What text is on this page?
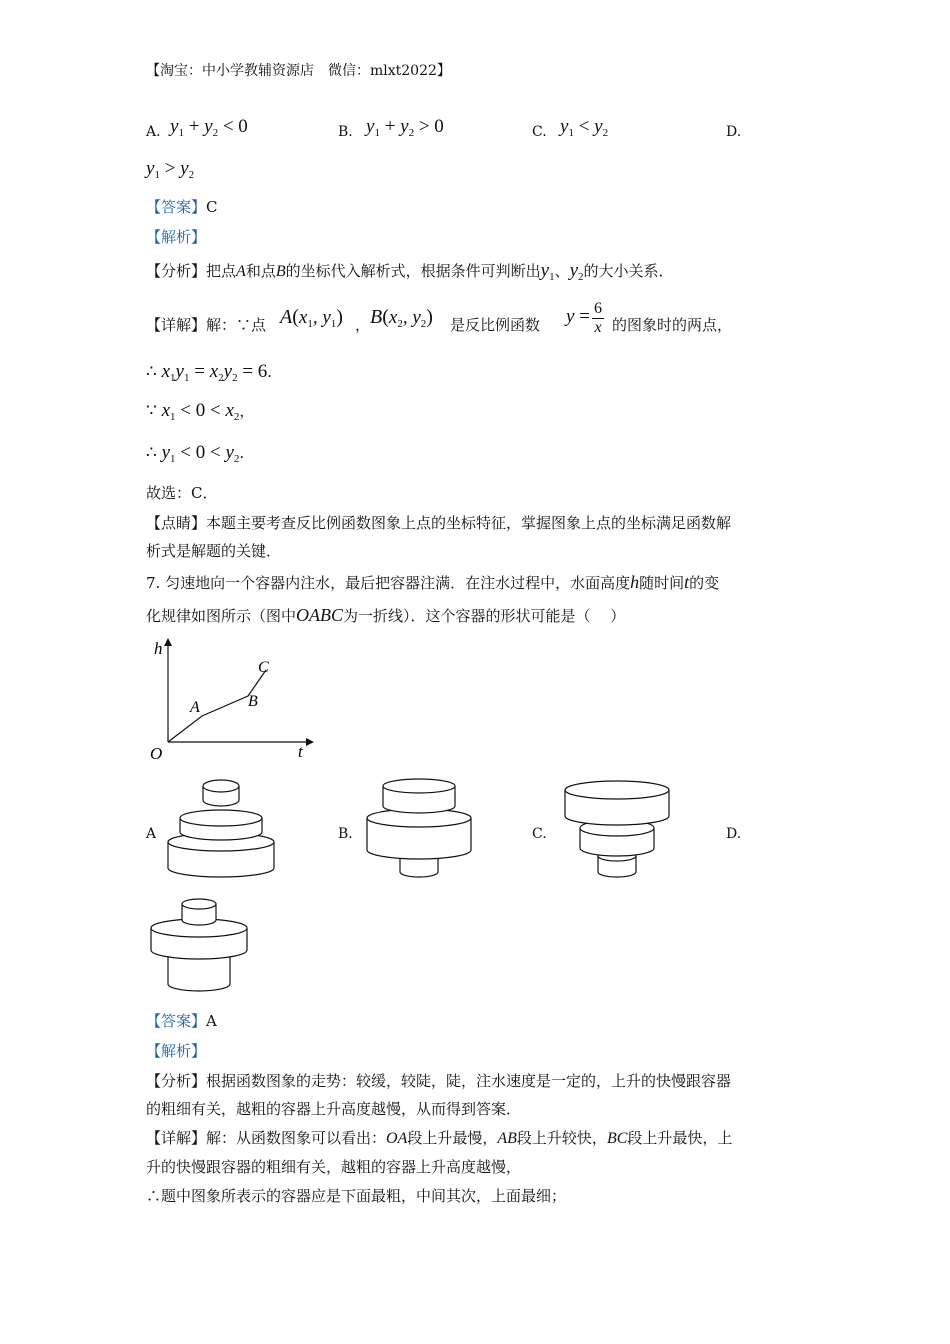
【淘宝：中小学教辅资源店　微信：mlxt2022】
A. $y_1 + y_2 < 0$	B. $y_1 + y_2 > 0$	C. $y_1 < y_2$	D.
$y_1 > y_2$
【答案】C
【解析】
【分析】把点A和点B的坐标代入解析式，根据条件可判断出$y_1$、$y_2$的大小关系．
【详解】解：∵点 $A(x_1$, $y_1$) ， $B(x_2$, $y_2$) 是反比例函数 $y = \frac{6}{x}$ 的图象时的两点，
∴ $x_1y_1 = x_2y_2 = 6$.
∵ $x_1 < 0 < x_2$，
∴ $y_1 < 0 < y_2$.
故选：C．
【点睛】本题主要考查反比例函数图象上点的坐标特征，掌握图象上点的坐标满足函数解
析式是解题的关键．
7. 匀速地向一个容器内注水，最后把容器注满．在注水过程中，水面高度h随时间t的变
化规律如图所示（图中OABC为一折线）．这个容器的形状可能是（　 ）
h
t
O
A	B
C
A	B.	C.	D.
【答案】A
【解析】
【分析】根据函数图象的走势：较缓，较陡，陡，注水速度是一定的，上升的快慢跟容器
的粗细有关，越粗的容器上升高度越慢，从而得到答案．
【详解】解：从函数图象可以看出：OA段上升最慢，AB段上升较快，BC段上升最快，上
升的快慢跟容器的粗细有关，越粗的容器上升高度越慢，
∴题中图象所表示的容器应是下面最粗，中间其次，上面最细；
